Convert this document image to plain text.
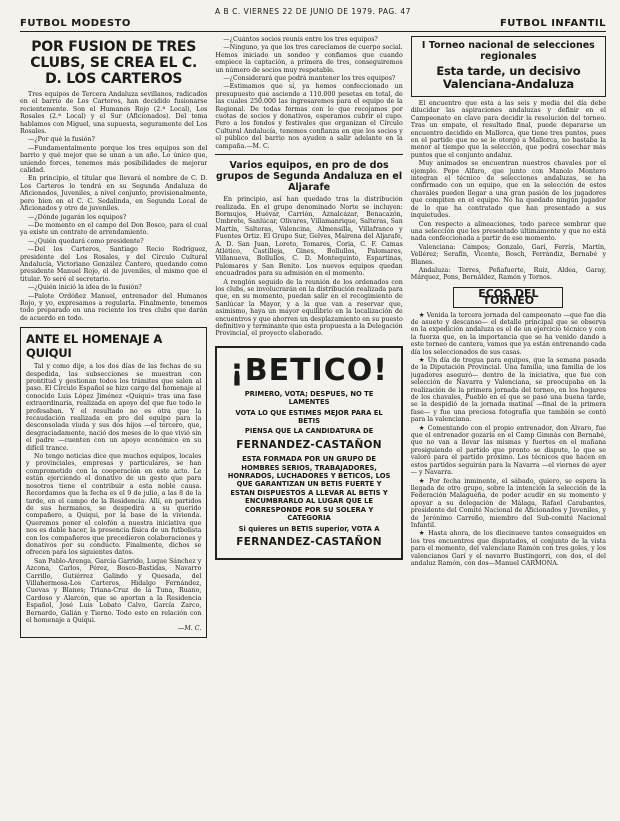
A B C. VIERNES 22 DE JUNIO DE 1979. PAG. 47
FUTBOL MODESTO	FUTBOL INFANTIL
POR FUSION DE TRES CLUBS, SE CREA EL C. D. LOS CARTEROS

Tres equipos de Tercera Andaluza sevillanos, radicados en el barrio de Los Carteros, han decidido fusionarse recientemente. Son el Humanos Rojo (2.ª Local), Los Rosales (2.ª Local) y el Sur (Aficionados). Del tema hablamos con Miguel, una supuesta, seguramente del Los Rosales.

—¿Por qué la fusión?

—Fundamentalmente porque los tres equipos son del barrio y qué mejor que se unan a un año. Lo único que, uniendo forces, tenemos más posibilidades de mejorar calidad.

En principio, el titular que llevará el nombre de C. D. Los Carteros lo tendrá en su Segunda Andaluza de Aficionados, Juveniles, a nivel conjunto, provisionalmente, pero bien en el C. C. Sedalinda, en Segunda Local de Aficionados y otro de juveniles.

—¿Dónde jugarán los equipos?

—De momento en el campo del Don Bosco, para el cual ya existe un contrato de arrendamiento.

—¿Quién quedará como presidente?

—Del los Carteros, Santiago Recio Rodríguez, presidente del Los Rosales, y del Círculo Cultural Andalucía, Victoriano González Cantero, quedando como presidente Manuel Rojo, el de juveniles, el mismo que el titular. Yo seré el secretario.

—¿Quién inició la idea de la fusión?

—Palote Ordóñez Manuel, entrenador del Humanos Rojo, y yo, expresamos a regularla. Finalmente, tenemos todo preparado en una reciente los tres clubs que darán de acuerdo en todo.

ANTE EL HOMENAJE A QUIQUI

Tal y como dije, a los dos días de las fechas de su despedida, las subsecciones se muestran con prontitud y gestionan todos los trámites que salen al paso. El Círculo Español se hizo cargo del homenaje al conocido Luis López Jiménez «Quiqui» tras una fase extraordinaria, realizada en apoyo del que fue todo le profesaban. Y el resultado no es otra que la recaudación realizada en pro del equipo para la desconsolada viuda y sus dos hijos —el tercero, que, desgraciadamente, nació dos meses de lo que vivió sin el padre —cuenten con un apoyo económico en su difícil trance.

No tengo noticias dice que muchos equipos, locales y provinciales, empresas y particulares, se han comprometido con la cooperación en este acto. Le están ejerciendo el donativo de un gesto que para nosotros tiene el contribuir a esta noble causa. Recordamos que la fecha es el 9 de julio, a las 8 de la tarde, en el campo de la Residencia. Allí, en partidos de sus hermanos, se despedirá a su querido compañero, a Quiqui, por la base de la vivienda. Queremos poner el colofón a nuestra iniciativa que nos es dable hacer, la presencia física de un futbolista con los compañeros que precedieron colaboraciones y donativos por su conducto. Finalmente, dichos se ofrecen para los siguientes datos.

San Pablo-Arenga, García Garrido, Luque Sánchez y Azcona, Carlos, Pérez, Bosco-Bastidas, Navarro Carrillo, Gutiérrez Galindo y Quesada, del Villahermosa-Los Carteros, Hidalgo Fernández, Cuevas y Blanes; Triana-Cruz de la Tuna, Ruano, Cardoso y Alarcón, que se aportan a la Residencia Español, José Luis Lobato Calvo, García Zarco, Bernardo, Galián y Tierno. Todo esto en relación con el homenaje a Quiqui.

—M. C.

—¿Cuántos socios reunís entre los tres equipos?

—Ninguno, ya que los tres carecíamos de cuerpo social. Hemos iniciado un sondeo y confiamos que cuando empiece la captación, a primera de tres, conseguiremos un número de socios muy respetable.

—¿Considerará que podrá mantener los tres equipos?

—Estimamos que sí, ya hemos confeccionado un presupuesto que asciende a 110.000 pesetas en total, de las cuales 250.000 las ingresaremos para el equipo de la Regional. De todas formas con lo que recojamos por cuotas de socios y donativos, esperamos cubrir el cupo. Pero a los fondos y festivales que organizan el Círculo Cultural Andalucía, tenemos confianza en que los socios y el público del barrio nos ayuden a salir adelante en la campaña.—M. C.

Varios equipos, en pro de dos grupos de Segunda Andaluza en el Aljarafe

En principio, así han quedado tras la distribución realizada. En el grupo denominado Norte se incluyen: Bormujos, Huévar, Carrión, Aznalcázar, Benacazón, Umbrete, Sanlúcar, Olivares, Villamanrique, Salteras, San Martín, Salteras, Valencina, Almensilla, Villafranco y Fuentes Ortiz. El Grupo Sur, Gelves, Mairena del Aljarafe, A. D. San Juan, Loreto, Tomares, Coria, C. F. Camas Atlético, Castilleja, Gines, Bollullos, Palomares, Villanueva, Bollullos, C. D. Montequinto, Espartinas, Palomares y San Benito. Los nuevos equipos quedan encuadrados para su admisión en el momento.

A renglón seguido de la reunión de los ordenados con los clubs, se involucrarán en la distribución realizada para que, en su momento, puedan salir en el recogimiento de Sanlúcar la Mayor, y a la que van a reservar que, asimismo, haya un mayor equilibrio en la localización de encuentros y que ahorren un desplazamiento en su puesto definitivo y terminante que esta propuesta a la Delegación Provincial, el proyecto elaborado.

¡BETICO!
PRIMERO, VOTA; DESPUES, NO TE LAMENTES
VOTA LO QUE ESTIMES MEJOR PARA EL BETIS
PIENSA QUE LA CANDIDATURA DE
FERNANDEZ-CASTAÑON
ESTA FORMADA POR UN GRUPO DE HOMBRES SERIOS, TRABAJADORES, HONRADOS, LUCHADORES Y BETICOS, LOS QUE GARANTIZAN UN BETIS FUERTE Y ESTAN DISPUESTOS A LLEVAR AL BETIS Y ENCUMBRARLO AL LUGAR QUE LE CORRESPONDE POR SU SOLERA Y CATEGORIA
Si quieres un BETIS superior, VOTA A
FERNANDEZ-CASTAÑON
I Torneo nacional de selecciones regionales
Esta tarde, un decisivo Valenciana-Andaluza

El encuentro que esta a las seis y media del día debe dilucidar las aspiraciones andaluzas y definir en el Campeonato en clave para decidir la resolución del torneo. Tras un empate, el resultado final, puede depararse un encuentro decidido en Mallorca, que tiene tres puntos, pues en el partido que no se le otorgó a Mallorca, no bastaba la menor al tiempo que la selección, que podrá cosechar más puntos que el conjunto andaluz.

Muy animados se encuentran nuestros chavales por el ejemplo. Pepe Alfaro, que junto con Manolo Montero integran el técnico de selecciones andaluzas, se ha confirmado con un equipo, que en la selección de estos chavales pueden llegar a una gran pasión de los jugadores que compiten en el equipo. No ha quedado ningún jugador de lo que ha contratado que han presentado a sus inquietudes.

Con respecto a alineaciones, todo parece sembrar que una selección que les presentado últimamente y que no está nada confeccionada a partir de ese momento.

Valenciana: Campos; Gonzalo, Garí, Ferrís, Martín, Vellérez; Serafín, Vicente, Bosch, Ferrándiz, Bernabé y Blanes.

Andaluza: Torres, Peñafuerte, Ruiz, Aldea, Garay, Márquez, Pons, Bernáldez, Ramón y Tornos.

ECOS DEL TORNEO

★ Venida la tercera jornada del campeonato —que fue día de asueto y descanso— el detalle principal que se observa en la expedición andaluza es el de un ejercicio técnico y con la fuerza que, en la importancia que se ha venido dando a este torneo de cantera, vamos que ya están entrenando cada día los seleccionados de sus casas.

★ Un día de tregua para equipos, que la semana pasada de la Diputación Provincial. Una familia, una familia de los jugadores aseguró— dentro de la iniciativa, que fue con selección de Navarra y Valenciana, se preocupaba en la realización de la primera jornada del torneo, en los hogares de los chavales, Pueblo en el que se pasó una buena tarde, se la despidió de la jornada matinal —final de la primera fase— y fue una preciosa fotografía que también se contó para la valenciana.

★ Comentando con el propio entrenador, don Álvaro, fue que el entrenador gozaría en el Camp Gimnàs con Bernabé, que no van a llevar las mismas y fuertes en el mañana prosiguiendo el partido que pronto se dispute, lo que se valoró para el partido próximo. Los técnicos que hacen en estos partidos seguirán para la Navarra —el viernes de ayer— y Navarra.

★ Por fecha inminente, el sábado, quiero, se espera la llegada de otro grupo, sobre la intención la selección de la Federación Malagueña, de poder acudir en su momento y apoyar a su delegación de Málaga, Rafael Carabantes, presidente del Comité Nacional de Aficionados y Juveniles, y de Jerónimo Carreño, miembro del Sub-comité Nacional Infantil.

★ Hasta ahora, de los diecinueve tantos conseguidos en los tres encuentros que disputados, el conjunto de la vista para el momento, del valenciano Ramón con tres goles, y los valencianos Garí y el navarro Bustingorri, con dos, el del andaluz Ramón, con dos—Manuel CARMONA.
